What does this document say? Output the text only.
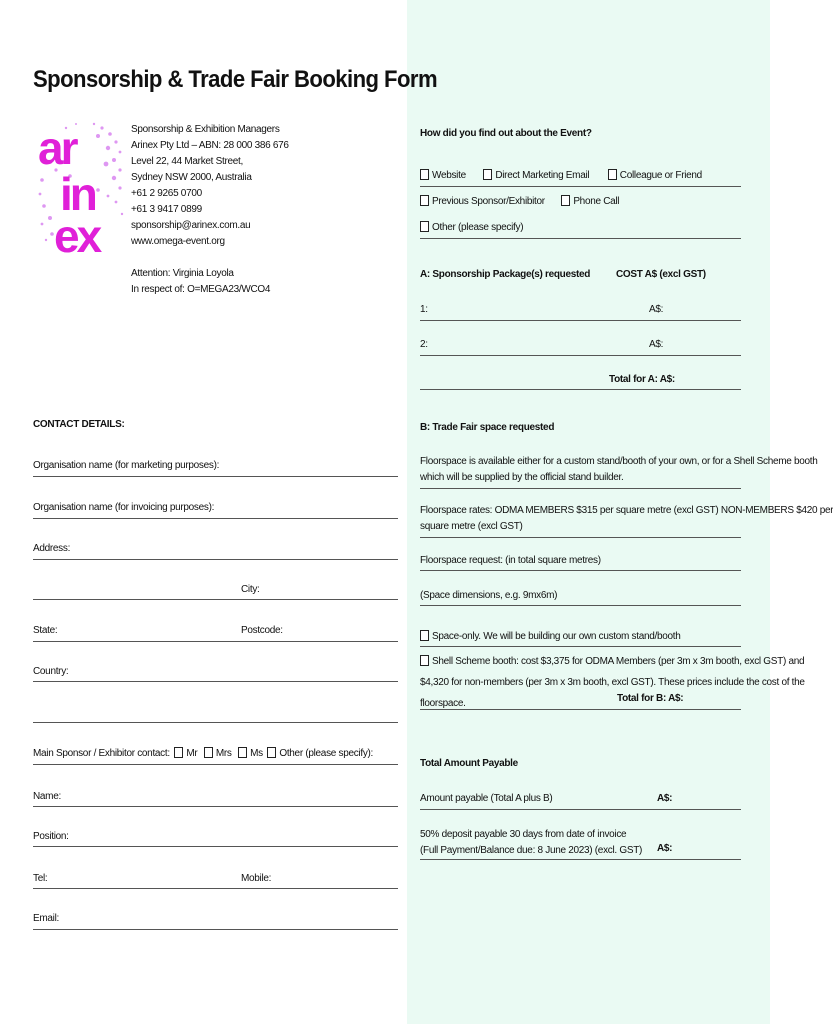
Sponsorship & Trade Fair Booking Form
ar
in
ex
Sponsorship & Exhibition Managers
Arinex Pty Ltd – ABN: 28 000 386 676
Level 22, 44 Market Street,
Sydney NSW 2000, Australia
+61 2 9265 0700
+61 3 9417 0899
sponsorship@arinex.com.au
www.omega-event.org
Attention: Virginia Loyola
In respect of: O=MEGA23/WCO4
CONTACT DETAILS:
Organisation name (for marketing purposes):
Organisation name (for invoicing purposes):
Address:
City:
State:	Postcode:
Country:
Main Sponsor / Exhibitor contact: Mr Mrs Ms Other (please specify):
Name:
Position:
Tel:	Mobile:
Email:
How did you find out about the Event?
Website	Direct Marketing Email	Colleague or Friend
Previous Sponsor/Exhibitor	Phone Call
Other (please specify)
A: Sponsorship Package(s) requested	COST A$ (excl GST)
1:	A$:
2:	A$:
Total for A: A$:
B: Trade Fair space requested
Floorspace is available either for a custom stand/booth of your own, or for a Shell Scheme booth
which will be supplied by the official stand builder.
Floorspace rates: ODMA MEMBERS $315 per square metre (excl GST) NON-MEMBERS $420 per
square metre (excl GST)
Floorspace request: (in total square metres)
(Space dimensions, e.g. 9mx6m)
Space-only. We will be building our own custom stand/booth
Shell Scheme booth: cost $3,375 for ODMA Members (per 3m x 3m booth, excl GST) and
$4,320 for non-members (per 3m x 3m booth, excl GST). These prices include the cost of the
floorspace.	Total for B: A$:
Total Amount Payable
Amount payable (Total A plus B)	A$:
50% deposit payable 30 days from date of invoice
(Full Payment/Balance due: 8 June 2023) (excl. GST) A$:
